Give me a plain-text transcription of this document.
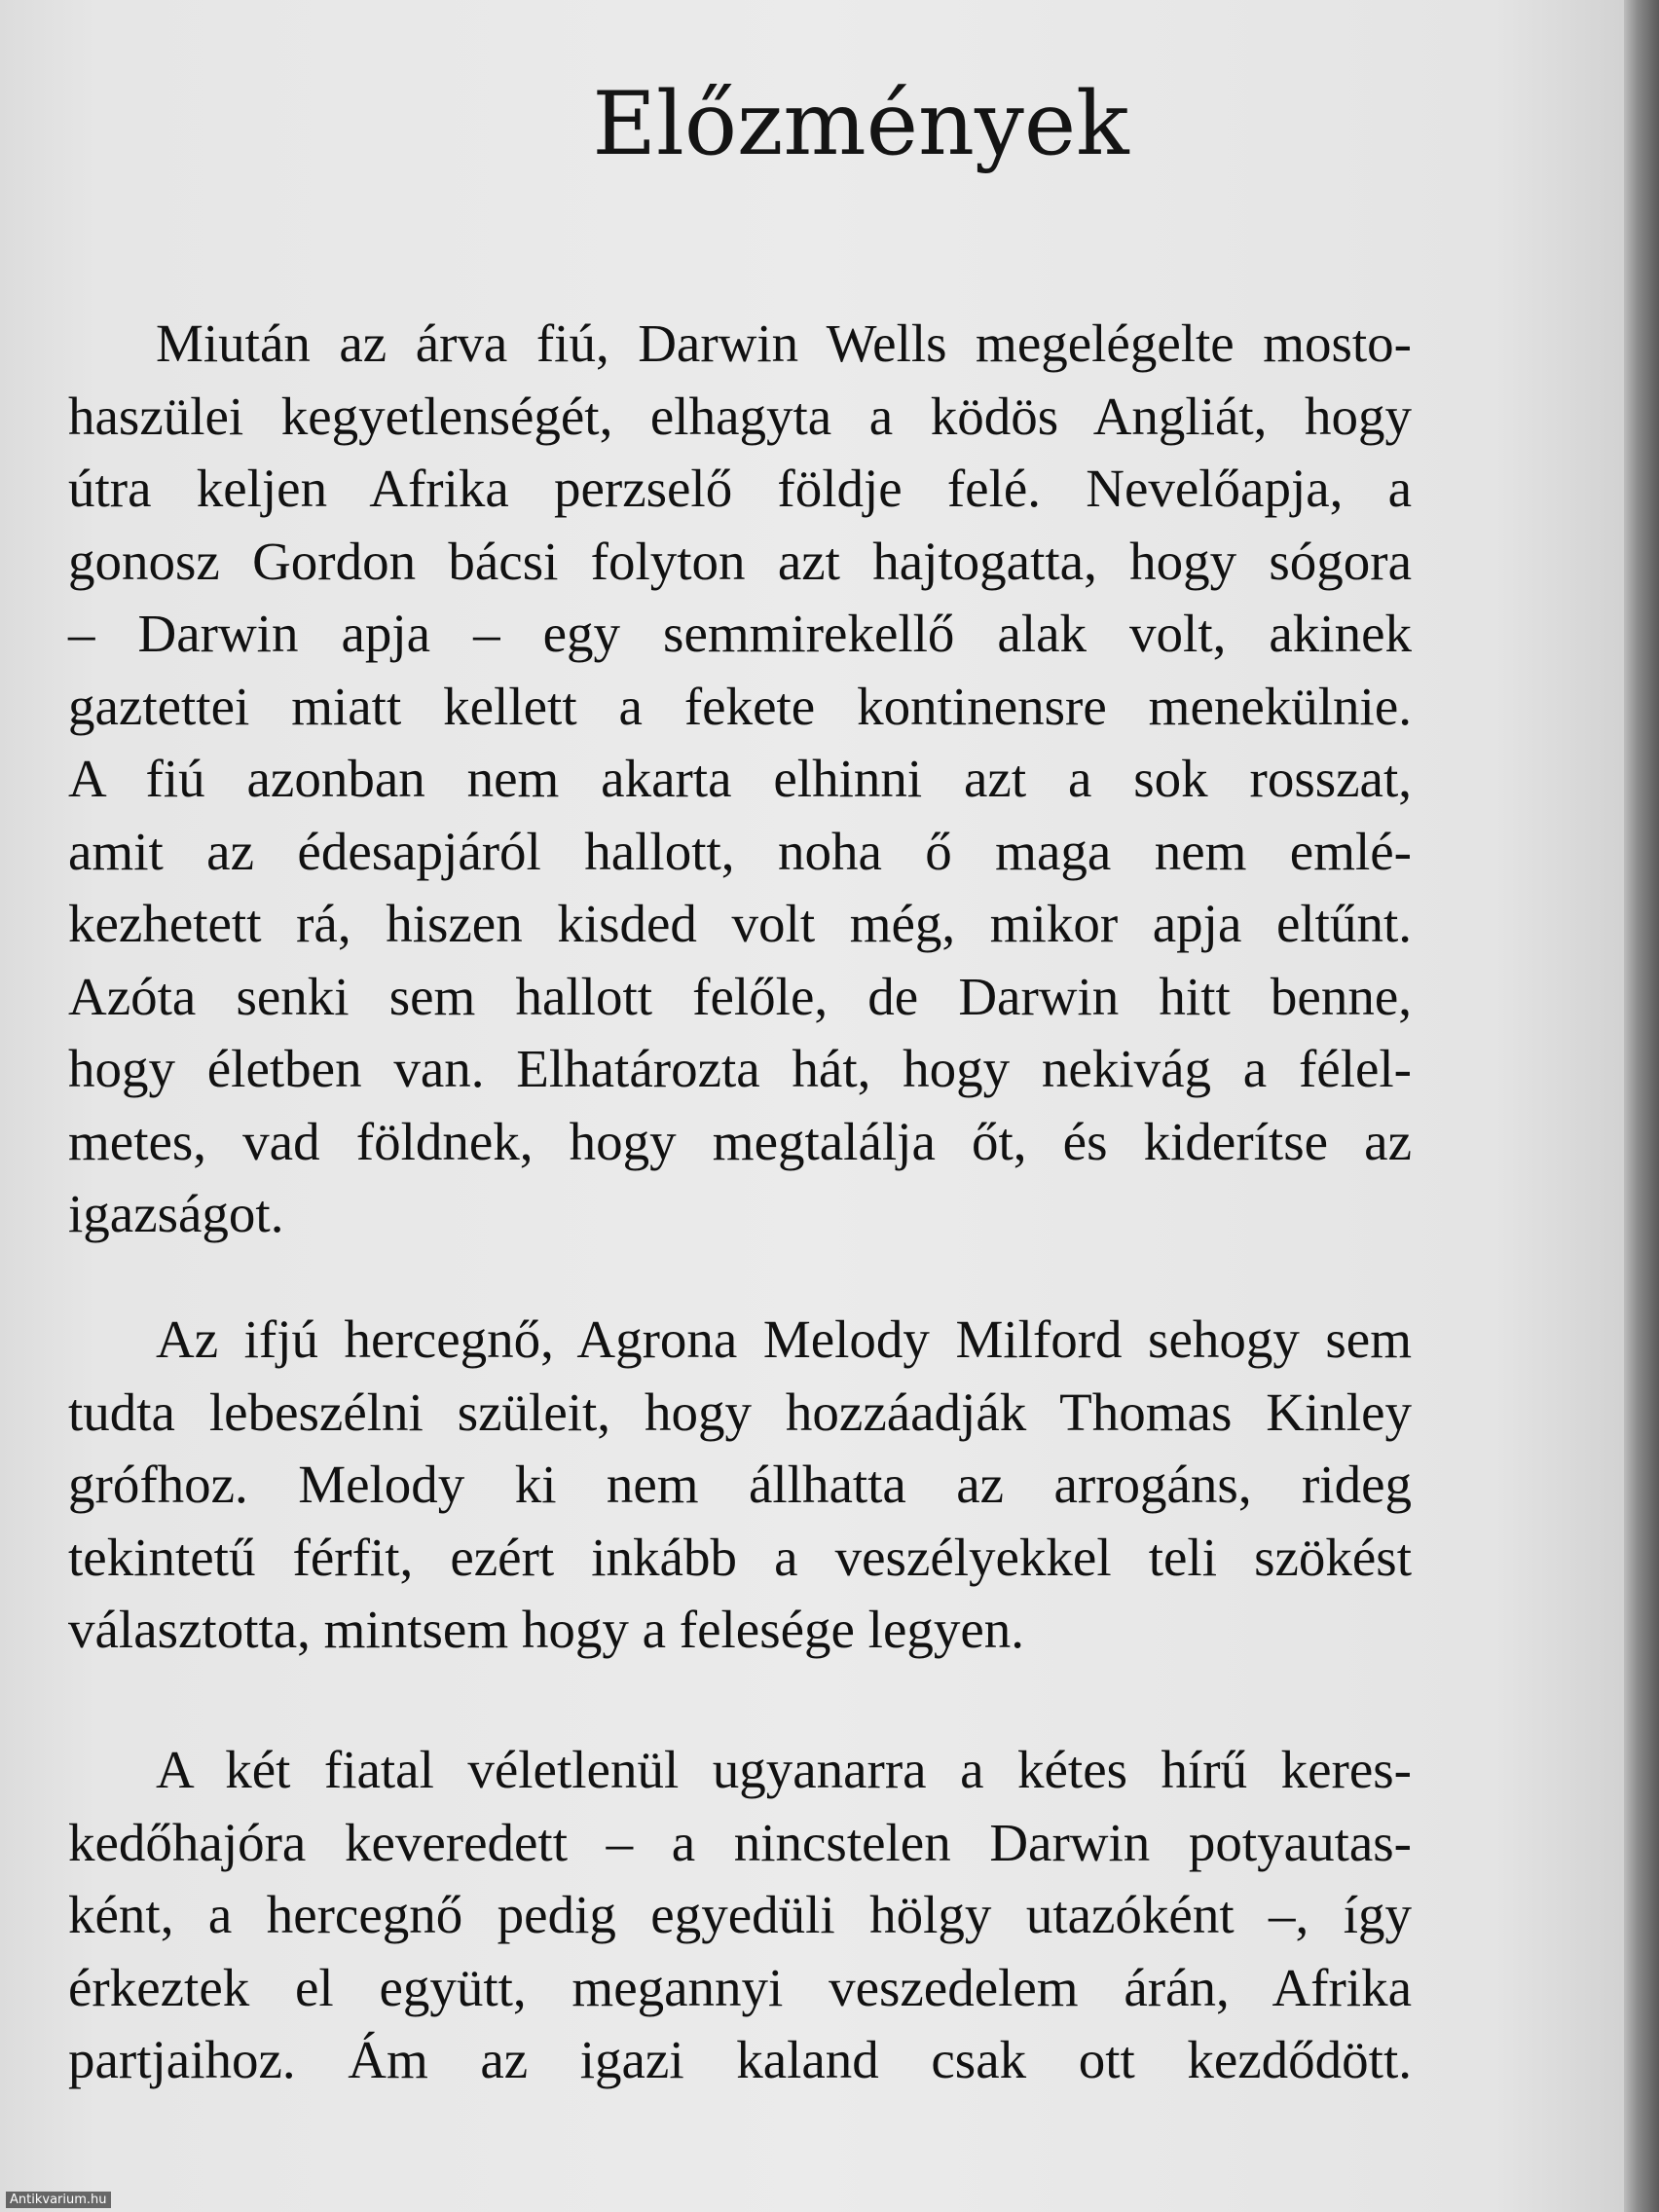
Előzmények
Miután az árva fiú, Darwin Wells megelégelte mosto-
haszülei kegyetlenségét, elhagyta a ködös Angliát, hogy
útra keljen Afrika perzselő földje felé. Nevelőapja, a
gonosz Gordon bácsi folyton azt hajtogatta, hogy sógora
– Darwin apja – egy semmirekellő alak volt, akinek
gaztettei miatt kellett a fekete kontinensre menekülnie.
A fiú azonban nem akarta elhinni azt a sok rosszat,
amit az édesapjáról hallott, noha ő maga nem emlé-
kezhetett rá, hiszen kisded volt még, mikor apja eltűnt.
Azóta senki sem hallott felőle, de Darwin hitt benne,
hogy életben van. Elhatározta hát, hogy nekivág a félel-
metes, vad földnek, hogy megtalálja őt, és kiderítse az
igazságot.
Az ifjú hercegnő, Agrona Melody Milford sehogy sem
tudta lebeszélni szüleit, hogy hozzáadják Thomas Kinley
grófhoz. Melody ki nem állhatta az arrogáns, rideg
tekintetű férfit, ezért inkább a veszélyekkel teli szökést
választotta, mintsem hogy a felesége legyen.
A két fiatal véletlenül ugyanarra a kétes hírű keres-
kedőhajóra keveredett – a nincstelen Darwin potyautas-
ként, a hercegnő pedig egyedüli hölgy utazóként –, így
érkeztek el együtt, megannyi veszedelem árán, Afrika
partjaihoz. Ám az igazi kaland csak ott kezdődött.
Antikvarium.hu
